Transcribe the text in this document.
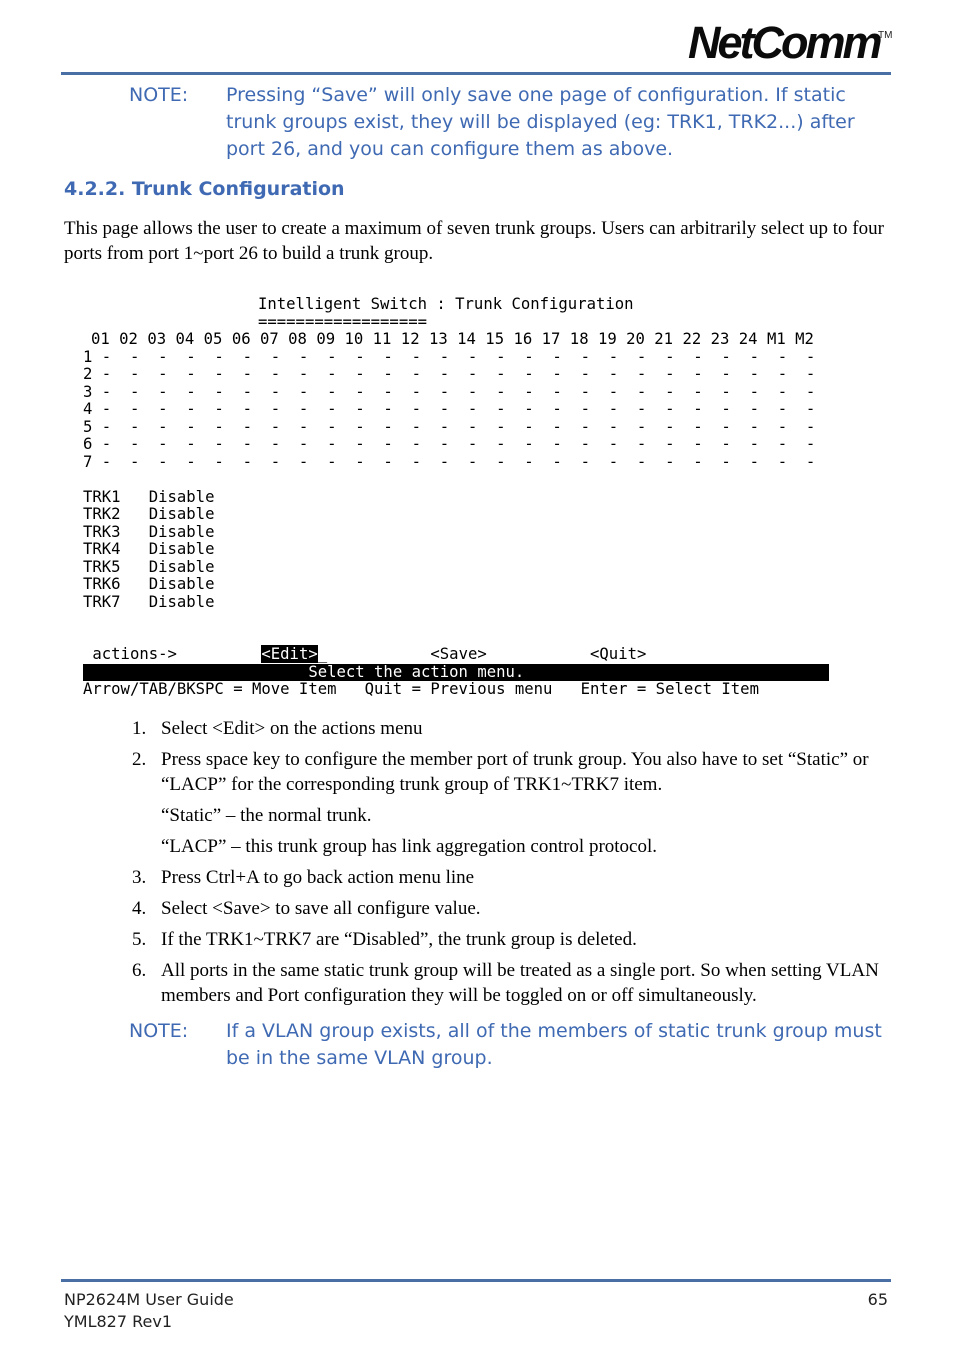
NetComm
TM
NOTE: Pressing “Save” will only save one page of configuration. If static trunk groups exist, they will be displayed (eg: TRK1, TRK2...) after port 26, and you can configure them as above.
4.2.2. Trunk Configuration
This page allows the user to create a maximum of seven trunk groups. Users can arbitrarily select up to four ports from port 1~port 26 to build a trunk group.
Intelligent Switch : Trunk Configuration
==================
01 02 03 04 05 06 07 08 09 10 11 12 13 14 15 16 17 18 19 20 21 22 23 24 M1 M2
1 -  -  -  -  -  -  -  -  -  -  -  -  -  -  -  -  -  -  -  -  -  -  -  -  -  -
2 -  -  -  -  -  -  -  -  -  -  -  -  -  -  -  -  -  -  -  -  -  -  -  -  -  -
3 -  -  -  -  -  -  -  -  -  -  -  -  -  -  -  -  -  -  -  -  -  -  -  -  -  -
4 -  -  -  -  -  -  -  -  -  -  -  -  -  -  -  -  -  -  -  -  -  -  -  -  -  -
5 -  -  -  -  -  -  -  -  -  -  -  -  -  -  -  -  -  -  -  -  -  -  -  -  -  -
6 -  -  -  -  -  -  -  -  -  -  -  -  -  -  -  -  -  -  -  -  -  -  -  -  -  -
7 -  -  -  -  -  -  -  -  -  -  -  -  -  -  -  -  -  -  -  -  -  -  -  -  -  -
TRK1 Disable
TRK2 Disable
TRK3 Disable
TRK4 Disable
TRK5 Disable
TRK6 Disable
TRK7 Disable
actions->	<Edit>_           <Save>	<Quit>
Select the action menu.
Arrow/TAB/BKSPC = Move Item   Quit = Previous menu   Enter = Select Item
1. Select <Edit> on the actions menu
2. Press space key to configure the member port of trunk group. You also have to set “Static” or “LACP” for the corresponding trunk group of TRK1~TRK7 item.
“Static” – the normal trunk.
“LACP” – this trunk group has link aggregation control protocol.
3. Press Ctrl+A to go back action menu line
4. Select <Save> to save all configure value.
5. If the TRK1~TRK7 are “Disabled”, the trunk group is deleted.
6. All ports in the same static trunk group will be treated as a single port. So when setting VLAN members and Port configuration they will be toggled on or off simultaneously.
NOTE: If a VLAN group exists, all of the members of static trunk group must be in the same VLAN group.
NP2624M User Guide
YML827 Rev1
65
